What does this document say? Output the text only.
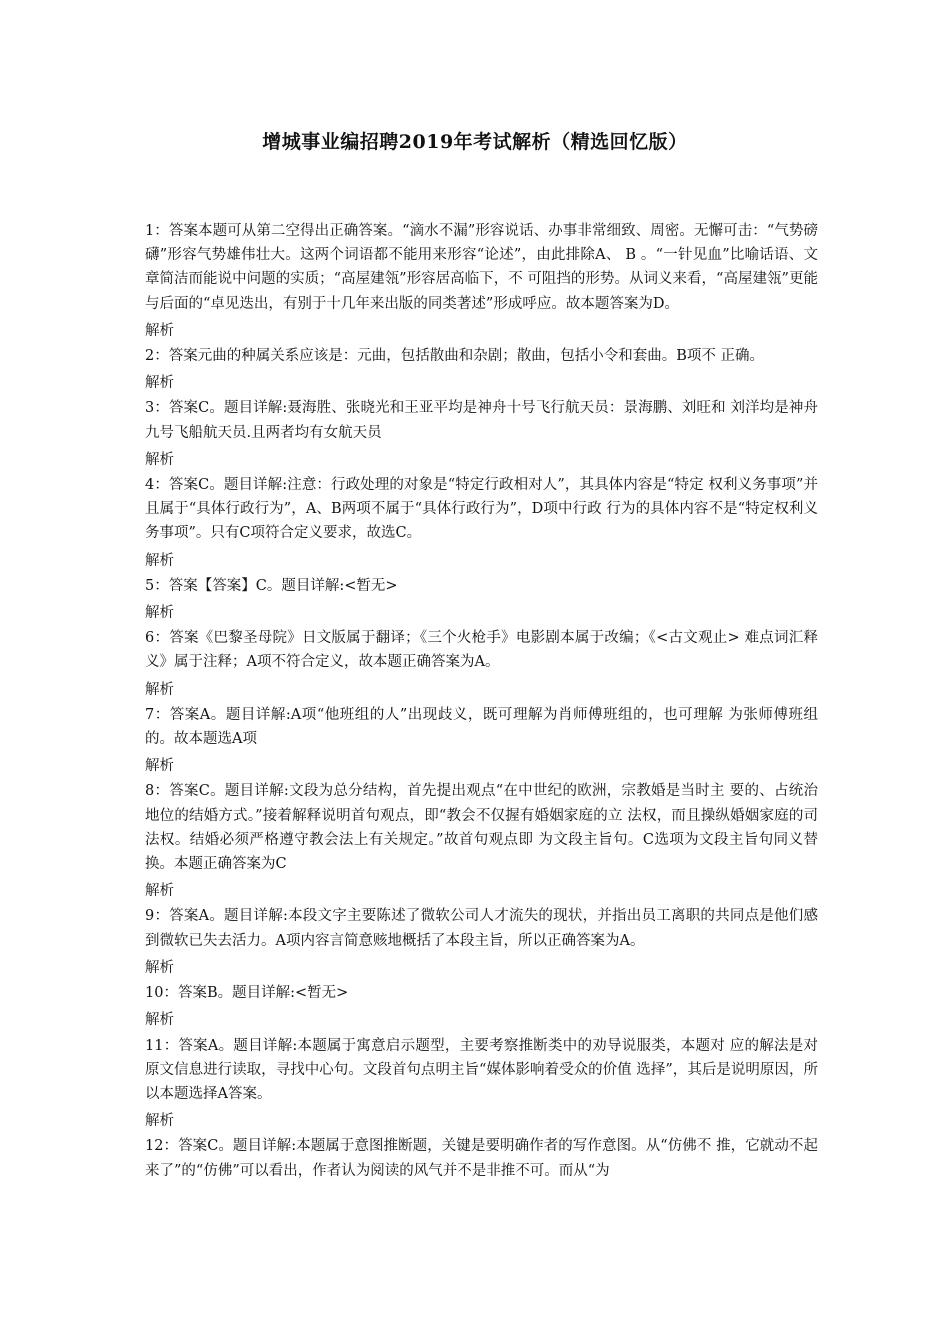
增城事业编招聘2019年考试解析（精选回忆版）

1：答案本题可从第二空得出正确答案。“滴水不漏”形容说话、办事非常细致、周密。无懈可击：“气势磅礴”形容气势雄伟壮大。这两个词语都不能用来形容“论述”，由此排除A、 B 。“一针见血”比喻话语、文章简洁而能说中问题的实质；“高屋建瓴”形容居高临下，不 可阻挡的形势。从词义来看，“高屋建瓴”更能与后面的“卓见迭出，有别于十几年来出版的同类著述”形成呼应。故本题答案为D。

解析

2：答案元曲的种属关系应该是：元曲，包括散曲和杂剧；散曲，包括小令和套曲。B项不 正确。

解析

3：答案C。题目详解:聂海胜、张晓光和王亚平均是神舟十号飞行航天员：景海鹏、刘旺和 刘洋均是神舟九号飞船航天员.且两者均有女航天员

解析

4：答案C。题目详解:注意：行政处理的对象是“特定行政相对人”，其具体内容是“特定 权利义务事项”并且属于“具体行政行为”，A、B两项不属于“具体行政行为”，D项中行政 行为的具体内容不是“特定权利义务事项”。只有C项符合定义要求，故选C。

解析

5：答案【答案】C。题目详解:<暂无>

解析

6：答案《巴黎圣母院》日文版属于翻译；《三个火枪手》电影剧本属于改编；《<古文观止> 难点词汇释义》属于注释；A项不符合定义，故本题正确答案为A。

解析

7：答案A。题目详解:A项“他班组的人”出现歧义，既可理解为肖师傅班组的，也可理解 为张师傅班组的。故本题选A项

解析

8：答案C。题目详解:文段为总分结构，首先提出观点“在中世纪的欧洲，宗教婚是当时主 要的、占统治地位的结婚方式。”接着解释说明首句观点，即“教会不仅握有婚姻家庭的立 法权，而且操纵婚姻家庭的司法权。结婚必须严格遵守教会法上有关规定。”故首句观点即 为文段主旨句。C选项为文段主旨句同义替换。本题正确答案为C

解析

9：答案A。题目详解:本段文字主要陈述了微软公司人才流失的现状，并指出员工离职的共同点是他们感到微软已失去活力。A项内容言简意赅地概括了本段主旨，所以正确答案为A。

解析

10：答案B。题目详解:<暂无>

解析

11：答案A。题目详解:本题属于寓意启示题型，主要考察推断类中的劝导说服类，本题对 应的解法是对原文信息进行读取，寻找中心句。文段首句点明主旨“媒体影响着受众的价值 选择”，其后是说明原因，所以本题选择A答案。

解析

12：答案C。题目详解:本题属于意图推断题，关键是要明确作者的写作意图。从“仿佛不 推，它就动不起来了”的“仿佛”可以看出，作者认为阅读的风气并不是非推不可。而从“为
